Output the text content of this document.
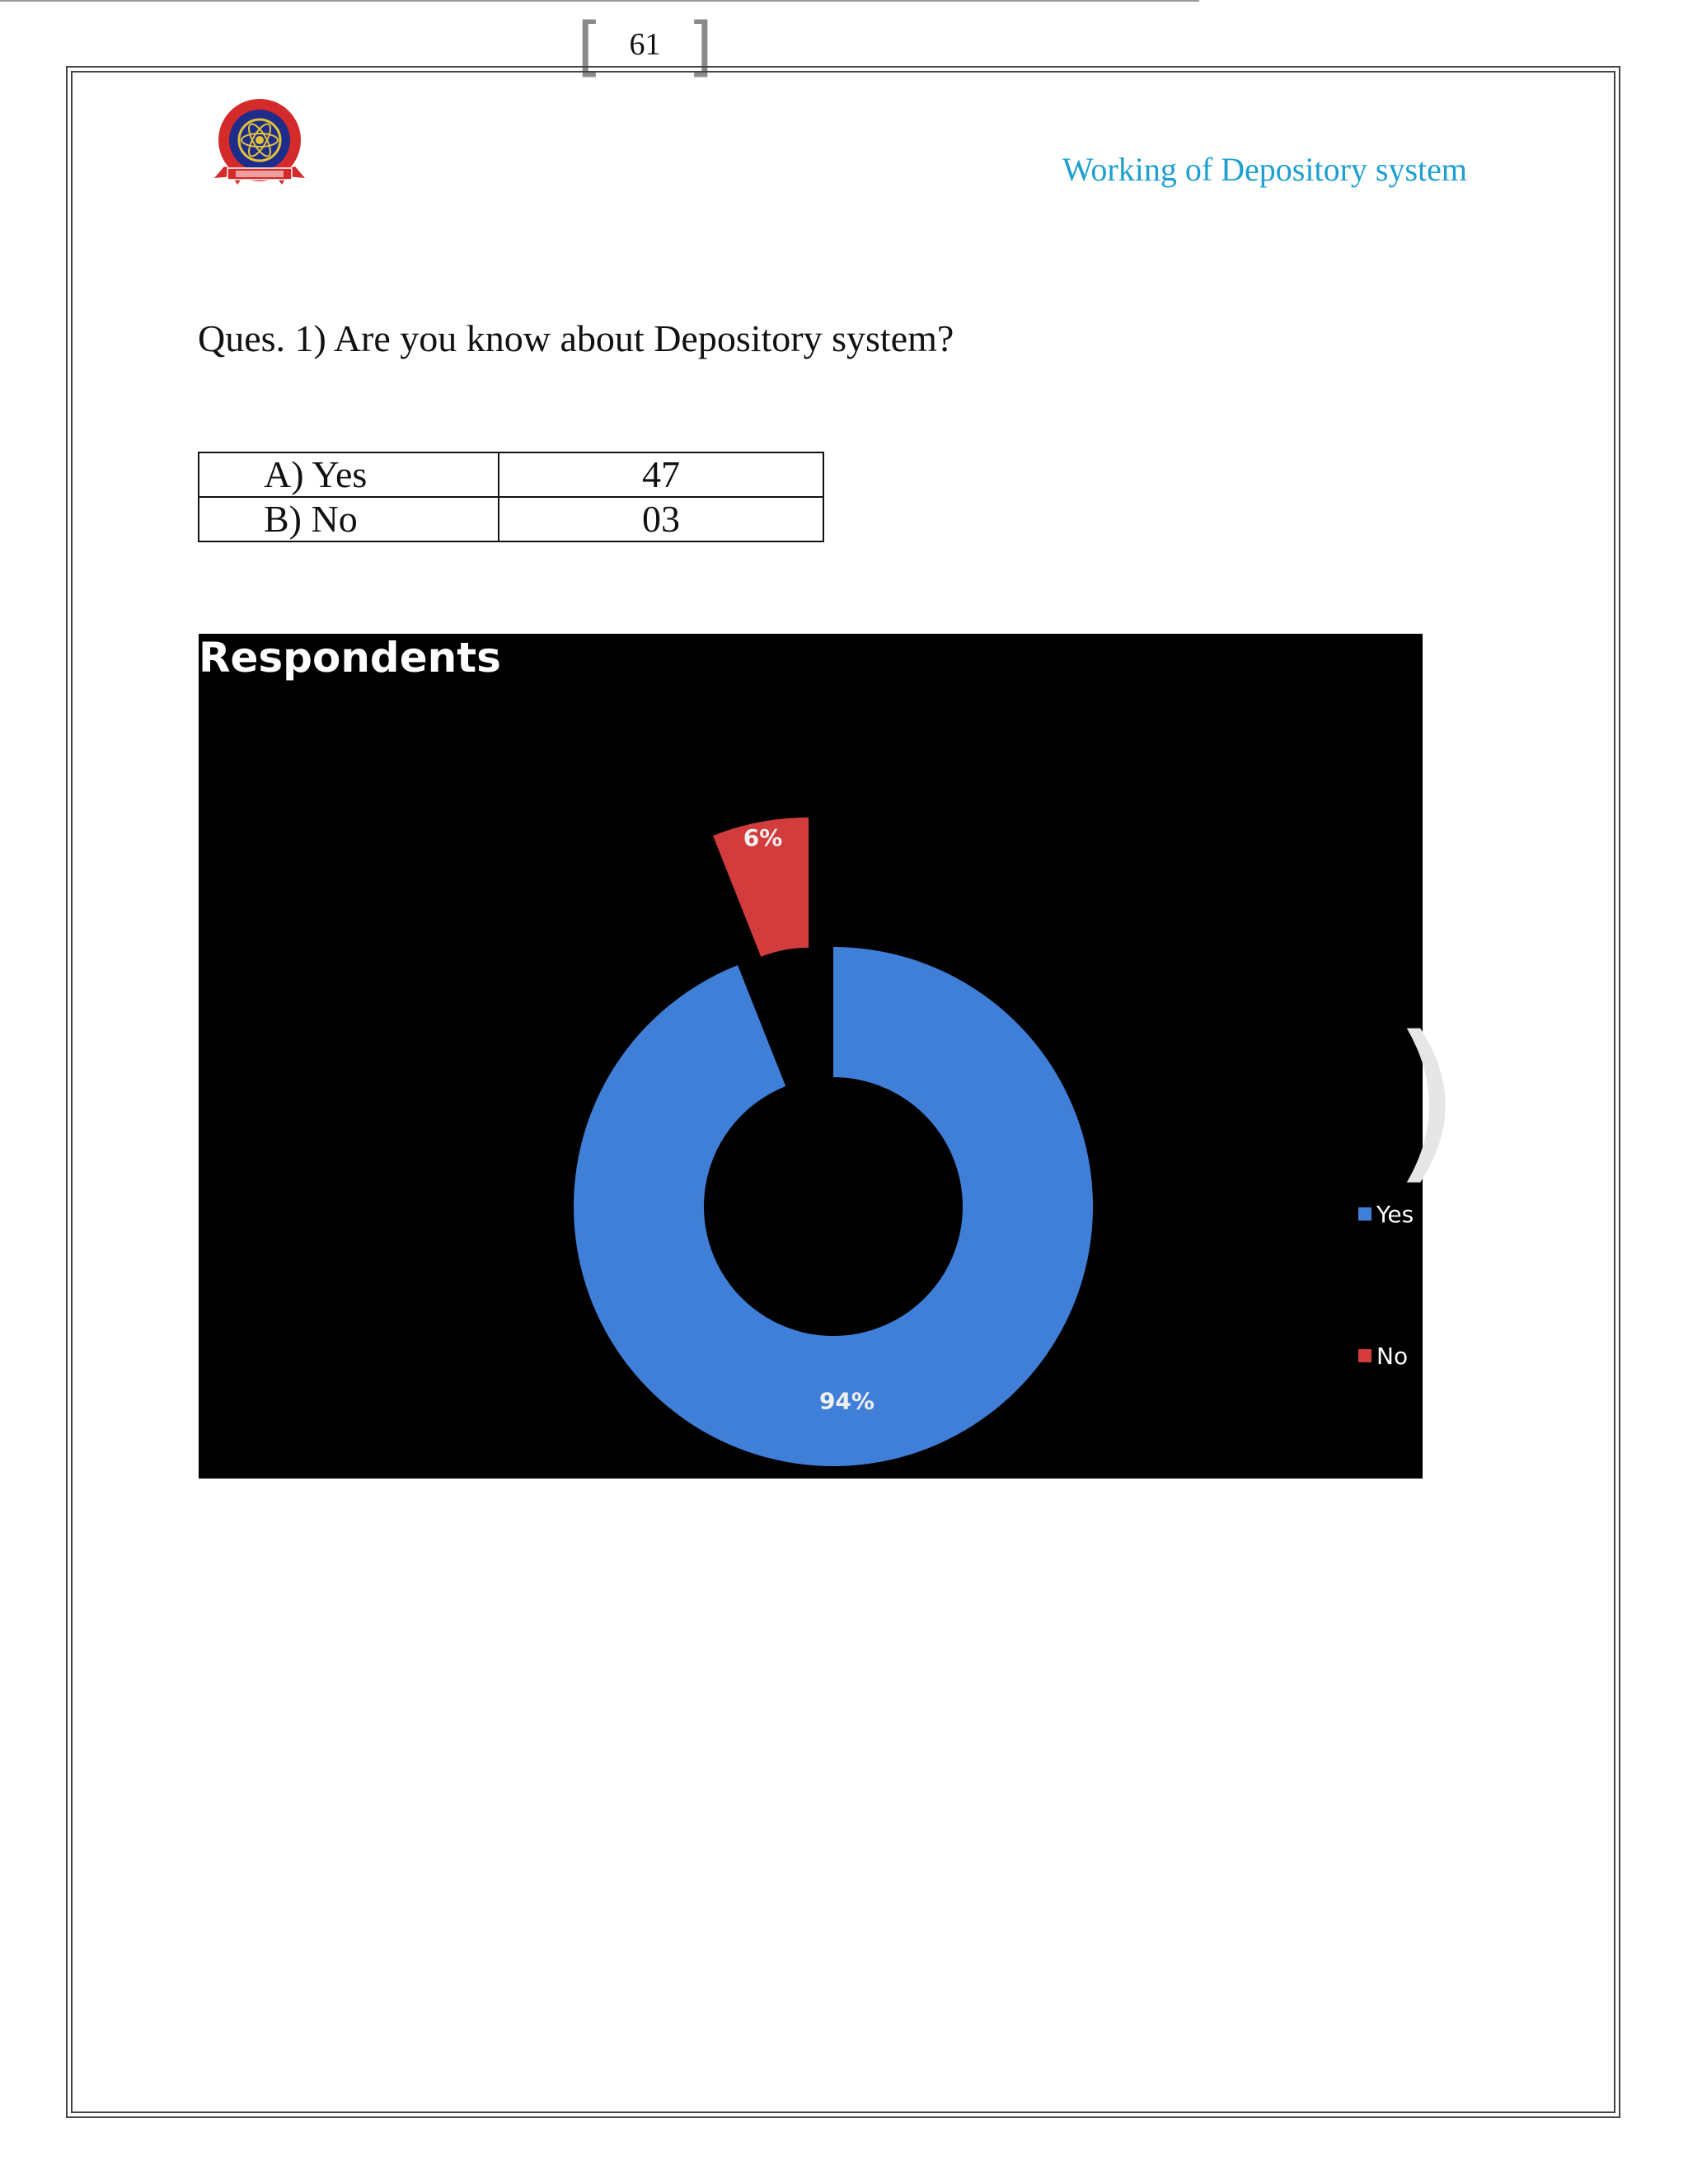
[ 61 ]
Working of Depository system
Ques. 1) Are you know about Depository system?
A) Yes	47
B) No	03
94%
6%
Respondents
Yes
No
)
